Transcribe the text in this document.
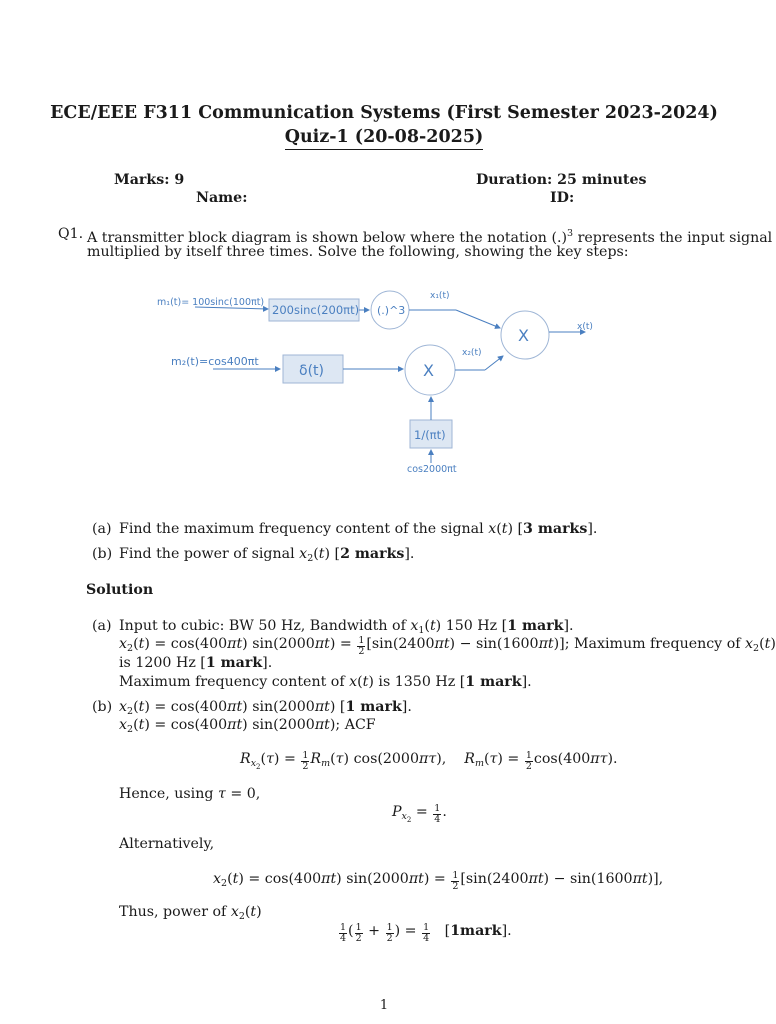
ECE/EEE F311 Communication Systems (First Semester 2023-2024)
Quiz-1 (20-08-2025)
Marks: 9	Duration: 25 minutes
Name:	ID:
Q1. A transmitter block diagram is shown below where the notation (.)$^3$ represents the input signal
multiplied by itself three times. Solve the following, showing the key steps:
m₁(t)= 100sinc(100πt)
200sinc(200πt) (.)^3
x₁(t)
X	x(t)
m₂(t)=cos400πt
δ(t)	X
x₂(t)
1/(πt)
cos2000πt
(a) Find the maximum frequency content of the signal x(t) [3 marks].
(b) Find the power of signal $x_2(t)$ [2 marks].
Solution
(a) Input to cubic: BW 50 Hz, Bandwidth of $x_1(t)$ 150 Hz [1 mark].
$x_2(t) = \cos(400\pi t) \sin(2000\pi t) = \frac{1}{2} [\sin(2400\pi t) - \sin(1600\pi t)]$; Maximum frequency of $x_2(t)$
is 1200 Hz [1 mark].
Maximum frequency content of x(t) is 1350 Hz [1 mark].
(b) $x_2(t) = \cos(400\pi t)$ sin(2000πt) [1 mark].
$x_2(t) = \cos(400\pi t)$ sin(2000πt); ACF
$R_{x_2}(\tau) = \frac{1}{2} R_m(\tau)$ cos(2000πτ),    $R_m(\tau) = \frac{1}{2} \cos(400\pi\tau)$.
Hence, using τ = 0,
$P_{x_2} = \frac{1}{4}$ .
Alternatively,
$x_2(t) = \cos(400\pi t) \sin(2000\pi t) = \frac{1}{2} [\sin(2400\pi t) - \sin(1600\pi t)]$,
Thus, power of $x_2(t)$
$\frac{1}{4}$ ( $\frac{1}{2} + \frac{1}{2}$ ) = $\frac{1}{4}$ [1mark].
1
